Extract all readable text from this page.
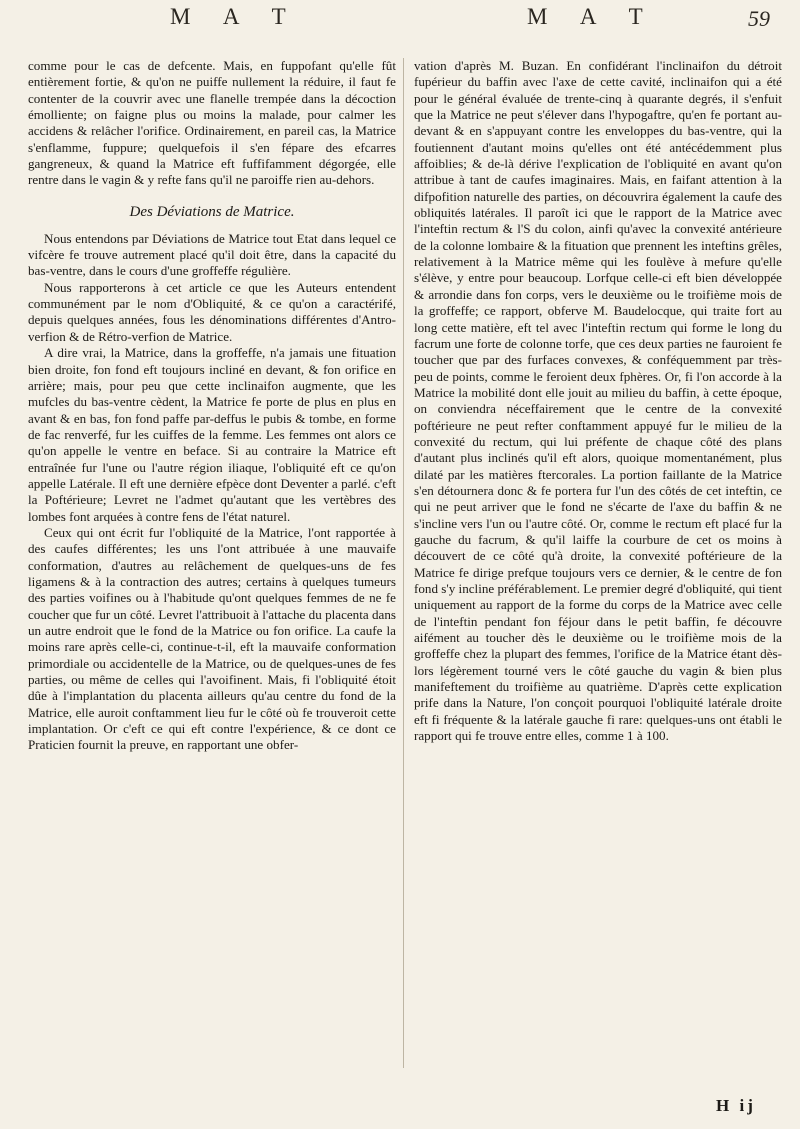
M A T	M A T	59

comme pour le cas de defcente. Mais, en fuppofant qu'elle fût entièrement fortie, & qu'on ne puiffe nullement la réduire, il faut fe contenter de la couvrir avec une flanelle trempée dans la décoction émolliente; on faigne plus ou moins la malade, pour calmer les accidens & relâcher l'orifice. Ordinairement, en pareil cas, la Matrice s'enflamme, fuppure; quelquefois il s'en fépare des efcarres gangreneux, & quand la Matrice eft fuffifamment dégorgée, elle rentre dans le vagin & y refte fans qu'il ne paroiffe rien au-dehors.

Des Déviations de Matrice.

Nous entendons par Déviations de Matrice tout Etat dans lequel ce vifcère fe trouve autrement placé qu'il doit être, dans la capacité du bas-ventre, dans le cours d'une groffeffe régulière.

Nous rapporterons à cet article ce que les Auteurs entendent communément par le nom d'Obliquité, & ce qu'on a caractérifé, depuis quelques années, fous les dénominations différentes d'Antro-verfion & de Rétro-verfion de Matrice.

A dire vrai, la Matrice, dans la groffeffe, n'a jamais une fituation bien droite, fon fond eft toujours incliné en devant, & fon orifice en arrière; mais, pour peu que cette inclinaifon augmente, que les mufcles du bas-ventre cèdent, la Matrice fe porte de plus en plus en avant & en bas, fon fond paffe par-deffus le pubis & tombe, en forme de fac renverfé, fur les cuiffes de la femme. Les femmes ont alors ce qu'on appelle le ventre en beface. Si au contraire la Matrice eft entraînée fur l'une ou l'autre région iliaque, l'obliquité eft ce qu'on appelle Latérale. Il eft une dernière efpèce dont Deventer a parlé. c'eft la Poftérieure; Levret ne l'admet qu'autant que les vertèbres des lombes font arquées à contre fens de l'état naturel.

Ceux qui ont écrit fur l'obliquité de la Matrice, l'ont rapportée à des caufes différentes; les uns l'ont attribuée à une mauvaife conformation, d'autres au relâchement de quelques-uns de fes ligamens & à la contraction des autres; certains à quelques tumeurs des parties voifines ou à l'habitude qu'ont quelques femmes de ne fe coucher que fur un côté. Levret l'attribuoit à l'attache du placenta dans un autre endroit que le fond de la Matrice ou fon orifice. La caufe la moins rare après celle-ci, continue-t-il, eft la mauvaife conformation primordiale ou accidentelle de la Matrice, ou de quelques-unes de fes parties, ou même de celles qui l'avoifinent. Mais, fi l'obliquité étoit dûe à l'implantation du placenta ailleurs qu'au centre du fond de la Matrice, elle auroit conftamment lieu fur le côté où fe trouveroit cette implantation. Or c'eft ce qui eft contre l'expérience, & ce dont ce Praticien fournit la preuve, en rapportant une obfer-

vation d'après M. Buzan. En confidérant l'inclinaifon du détroit fupérieur du baffin avec l'axe de cette cavité, inclinaifon qui a été pour le général évaluée de trente-cinq à quarante degrés, il s'enfuit que la Matrice ne peut s'élever dans l'hypogaftre, qu'en fe portant au-devant & en s'appuyant contre les enveloppes du bas-ventre, qui la foutiennent d'autant moins qu'elles ont été antécédemment plus affoiblies; & de-là dérive l'explication de l'obliquité en avant qu'on attribue à tant de caufes imaginaires. Mais, en faifant attention à la difpofition naturelle des parties, on découvrira également la caufe des obliquités latérales. Il paroît ici que le rapport de la Matrice avec l'inteftin rectum & l'S du colon, ainfi qu'avec la convexité antérieure de la colonne lombaire & la fituation que prennent les inteftins grêles, relativement à la Matrice même qui les foulève à mefure qu'elle s'élève, y entre pour beaucoup. Lorfque celle-ci eft bien développée & arrondie dans fon corps, vers le deuxième ou le troifième mois de la groffeffe; ce rapport, obferve M. Baudelocque, qui traite fort au long cette matière, eft tel avec l'inteftin rectum qui forme le long du facrum une forte de colonne torfe, que ces deux parties ne fauroient fe toucher que par des furfaces convexes, & conféquemment par très-peu de points, comme le feroient deux fphères. Or, fi l'on accorde à la Matrice la mobilité dont elle jouit au milieu du baffin, à cette époque, on conviendra néceffairement que le centre de la convexité poftérieure ne peut refter conftamment appuyé fur le milieu de la convexité du rectum, qui lui préfente de chaque côté des plans d'autant plus inclinés qu'il eft alors, quoique momentanément, plus dilaté par les matières ftercorales. La portion faillante de la Matrice s'en détournera donc & fe portera fur l'un des côtés de cet inteftin, ce qui ne peut arriver que le fond ne s'écarte de l'axe du baffin & ne s'incline vers l'un ou l'autre côté. Or, comme le rectum eft placé fur la gauche du facrum, & qu'il laiffe la courbure de cet os moins à découvert de ce côté qu'à droite, la convexité poftérieure de la Matrice fe dirige prefque toujours vers ce dernier, & le centre de fon fond s'y incline préférablement. Le premier degré d'obliquité, qui tient uniquement au rapport de la forme du corps de la Matrice avec celle de l'inteftin pendant fon féjour dans le petit baffin, fe découvre aifément au toucher dès le deuxième ou le troifième mois de la groffeffe chez la plupart des femmes, l'orifice de la Matrice étant dès-lors légèrement tourné vers le côté gauche du vagin & bien plus manifeftement du troifième au quatrième. D'après cette explication prife dans la Nature, l'on conçoit pourquoi l'obliquité latérale droite eft fi fréquente & la latérale gauche fi rare: quelques-uns ont établi le rapport qui fe trouve entre elles, comme 1 à 100.

H ij
